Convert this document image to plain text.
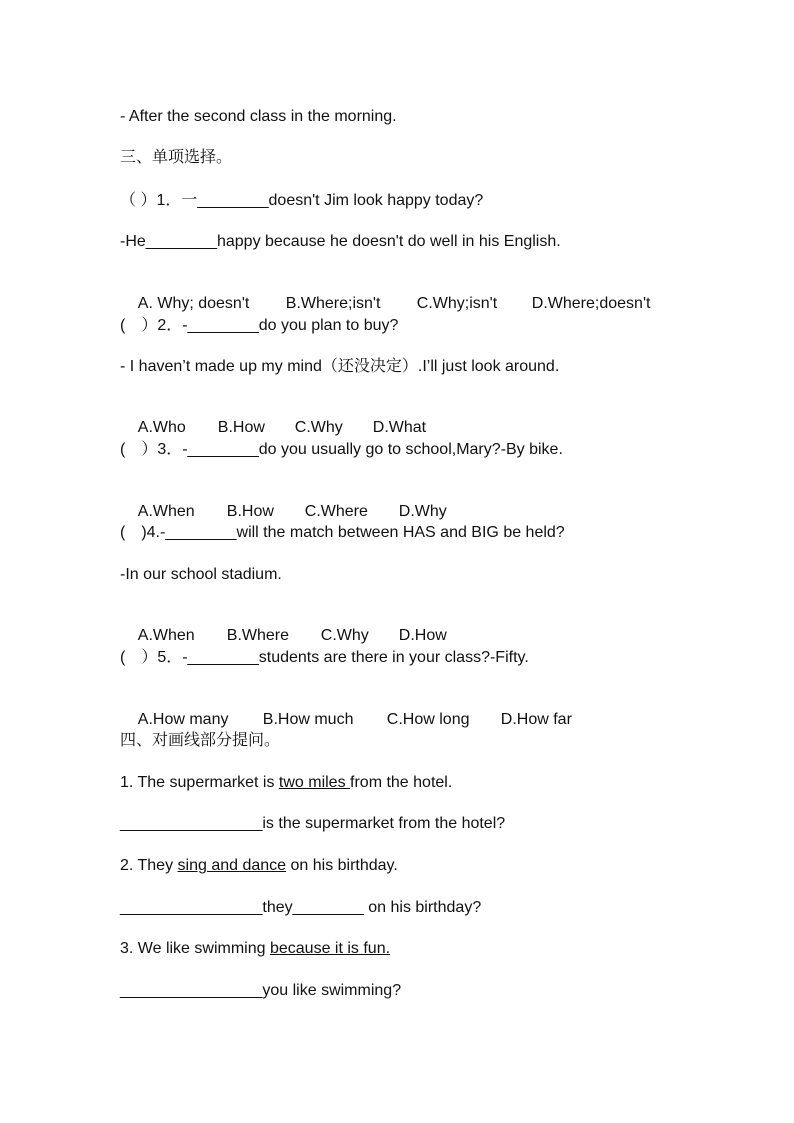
- After the second class in the morning.
三、单项选择。
（ ）1．一________doesn't Jim look happy today?
-He________happy because he doesn't do well in his English.

A. Why; doesn't B.Where;isn't C.Why;isn't D.Where;doesn't

(　）2．-________do you plan to buy?
- I haven’t made up my mind（还没决定）.I’ll just look around.

A.Who B.How C.Why D.What

(　）3．-________do you usually go to school,Mary?-By bike.

A.When B.How C.Where D.Why

(　)4.-________will the match between HAS and BIG be held?
-In our school stadium.

A.When B.Where C.Why D.How

(　）5．-________students are there in your class?-Fifty.

A.How many B.How much C.How long D.How far

四、对画线部分提问。
1. The supermarket is two miles from the hotel.
________________is the supermarket from the hotel?
2. They sing and dance on his birthday.
________________they________ on his birthday?
3. We like swimming because it is fun.
________________you like swimming?
